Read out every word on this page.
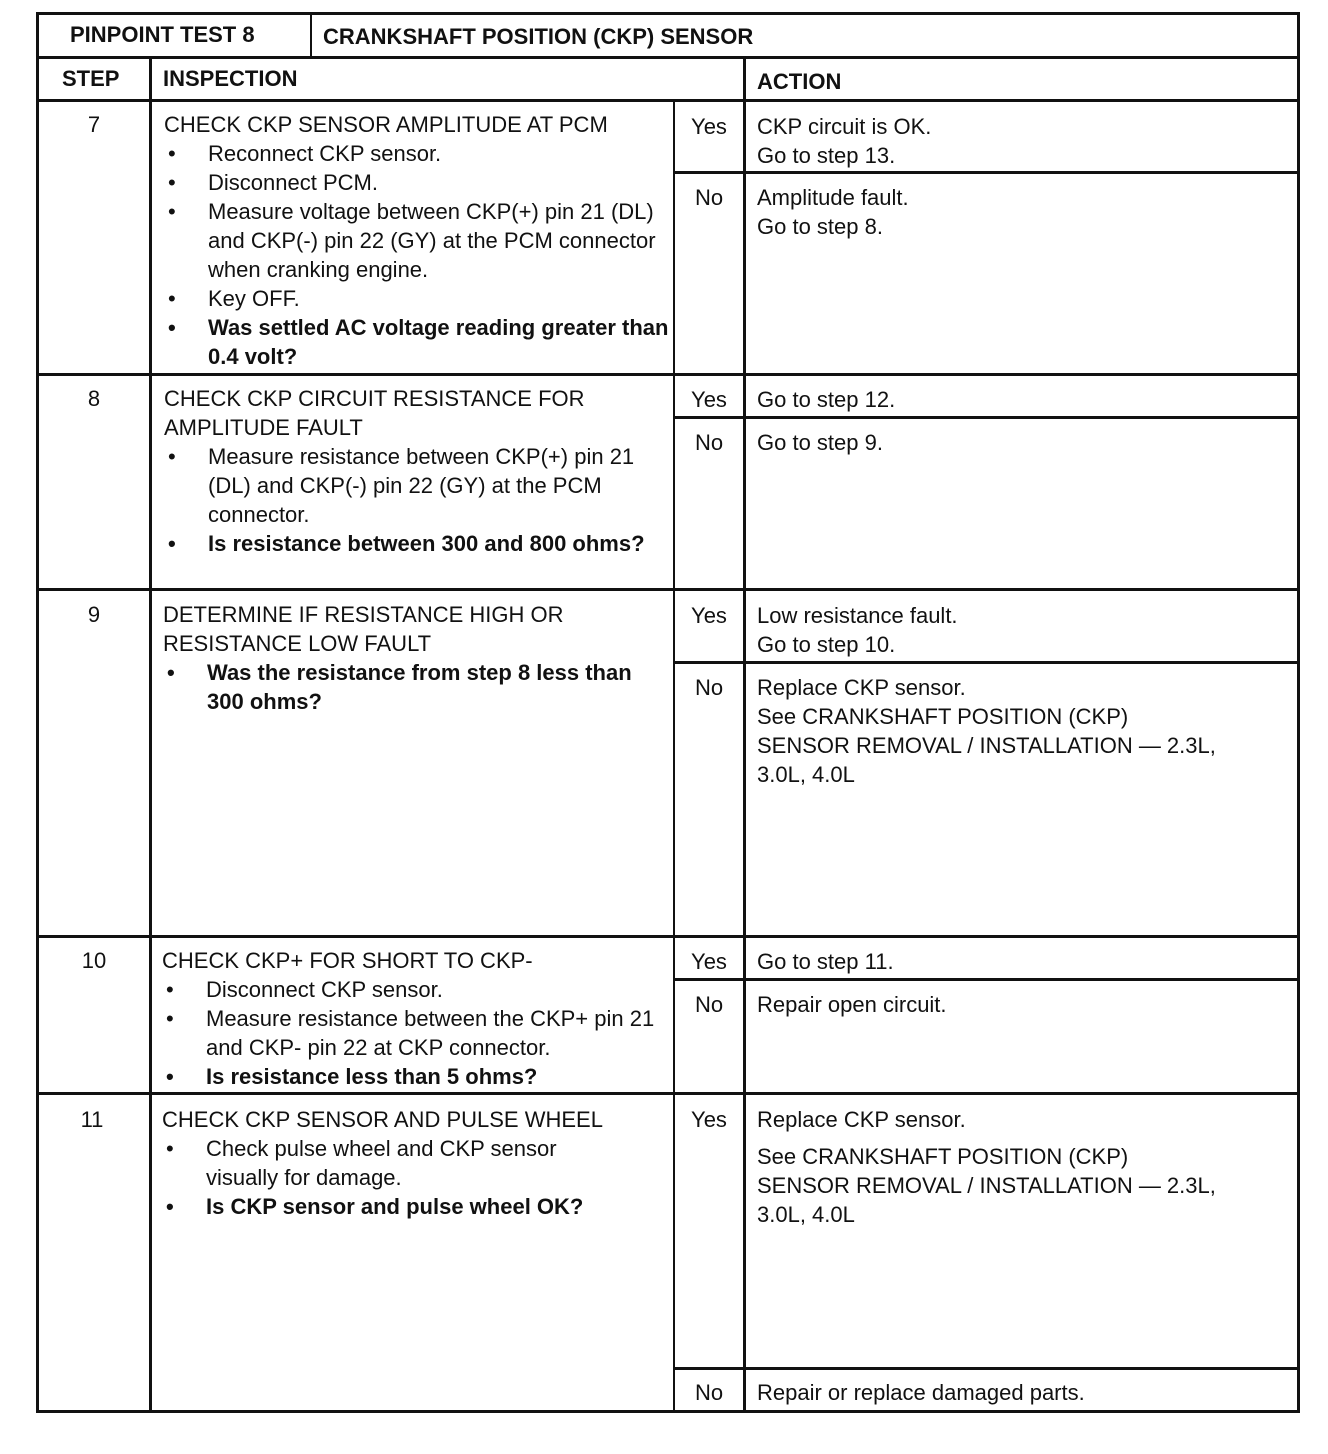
PINPOINT TEST 8	CRANKSHAFT POSITION (CKP) SENSOR
STEP INSPECTION	ACTION
7	CHECK CKP SENSOR AMPLITUDE AT PCM
• Reconnect CKP sensor.
• Disconnect PCM.
• Measure voltage between CKP(+) pin 21 (DL) and CKP(-) pin 22 (GY) at the PCM connector when cranking engine.
• Key OFF.
• Was settled AC voltage reading greater than 0.4 volt?
Yes	CKP circuit is OK.
Go to step 13.
No	Amplitude fault.
Go to step 8.
8	CHECK CKP CIRCUIT RESISTANCE FOR AMPLITUDE FAULT
• Measure resistance between CKP(+) pin 21 (DL) and CKP(-) pin 22 (GY) at the PCM connector.
• Is resistance between 300 and 800 ohms?
Yes	Go to step 12.
No	Go to step 9.
9	DETERMINE IF RESISTANCE HIGH OR RESISTANCE LOW FAULT
• Was the resistance from step 8 less than 300 ohms?
Yes	Low resistance fault.
Go to step 10.
No	Replace CKP sensor.
See CRANKSHAFT POSITION (CKP)
SENSOR REMOVAL / INSTALLATION — 2.3L,
3.0L, 4.0L
10	CHECK CKP+ FOR SHORT TO CKP-
• Disconnect CKP sensor.
• Measure resistance between the CKP+ pin 21 and CKP- pin 22 at CKP connector.
• Is resistance less than 5 ohms?
Yes	Go to step 11.
No	Repair open circuit.
11	CHECK CKP SENSOR AND PULSE WHEEL
• Check pulse wheel and CKP sensor visually for damage.
• Is CKP sensor and pulse wheel OK?
Yes	Replace CKP sensor.
See CRANKSHAFT POSITION (CKP)
SENSOR REMOVAL / INSTALLATION — 2.3L,
3.0L, 4.0L
No	Repair or replace damaged parts.
